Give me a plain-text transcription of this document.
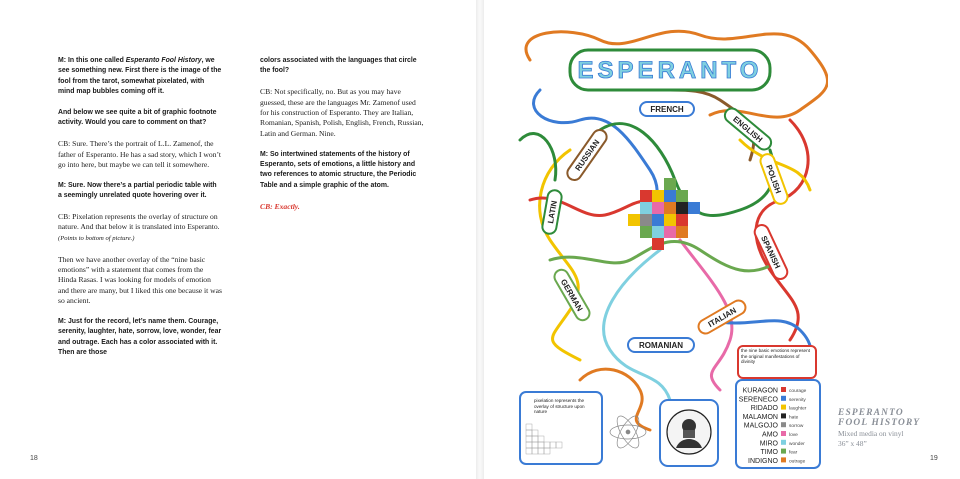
M: In this one called Esperanto Fool History, we see something new. First there is the image of the fool from the tarot, somewhat pixelated, with mind map bubbles coming off it.

And below we see quite a bit of graphic footnote activity. Would you care to comment on that?

CB: Sure. There’s the portrait of L.L. Zamenof, the father of Esperanto. He has a sad story, which I won’t go into here, but maybe we can tell it somewhere.

M: Sure. Now there’s a partial periodic table with a seemingly unrelated quote hovering over it.

CB: Pixelation represents the overlay of structure on nature. And that below it is translated into Esperanto. (Points to bottom of picture.)

Then we have another overlay of the “nine basic emotions” with a statement that comes from the Hinda Rasas. I was looking for models of emotion and there are many, but I liked this one because it was so ancient.

M: Just for the record, let’s name them. Courage, serenity, laughter, hate, sorrow, love, wonder, fear and outrage. Each has a color associated with it. Then are those

colors associated with the languages that circle the fool?

CB: Not specifically, no. But as you may have guessed, these are the languages Mr. Zamenof used for his construction of Esperanto. They are Italian, Romanian, Spanish, Polish, English, French, Russian, Latin and German. Nine.

M: So intertwined statements of the history of Esperanto, sets of emotions, a little history and two references to atomic structure, the Periodic Table and a simple graphic of the atom.

CB: Exactly.

18	19
ESPERANTO
FRENCH
ENGLISH
RUSSIAN
POLISH
LATIN
SPANISH
GERMAN
ITALIAN
ROMANIAN
the nine basic emotions represent the original manifestations of divinity
KURAGON courage
SERENECO serenity
RIDADO laughter
MALAMON hate
MALGOJO sorrow
AMO love
MIRO wonder
TIMO fear
INDIGNO outrage
pixelation represents the overlay of structure upon nature	ESPERANTO
FOOL HISTORY
Mixed media on vinyl
36” x 48”
